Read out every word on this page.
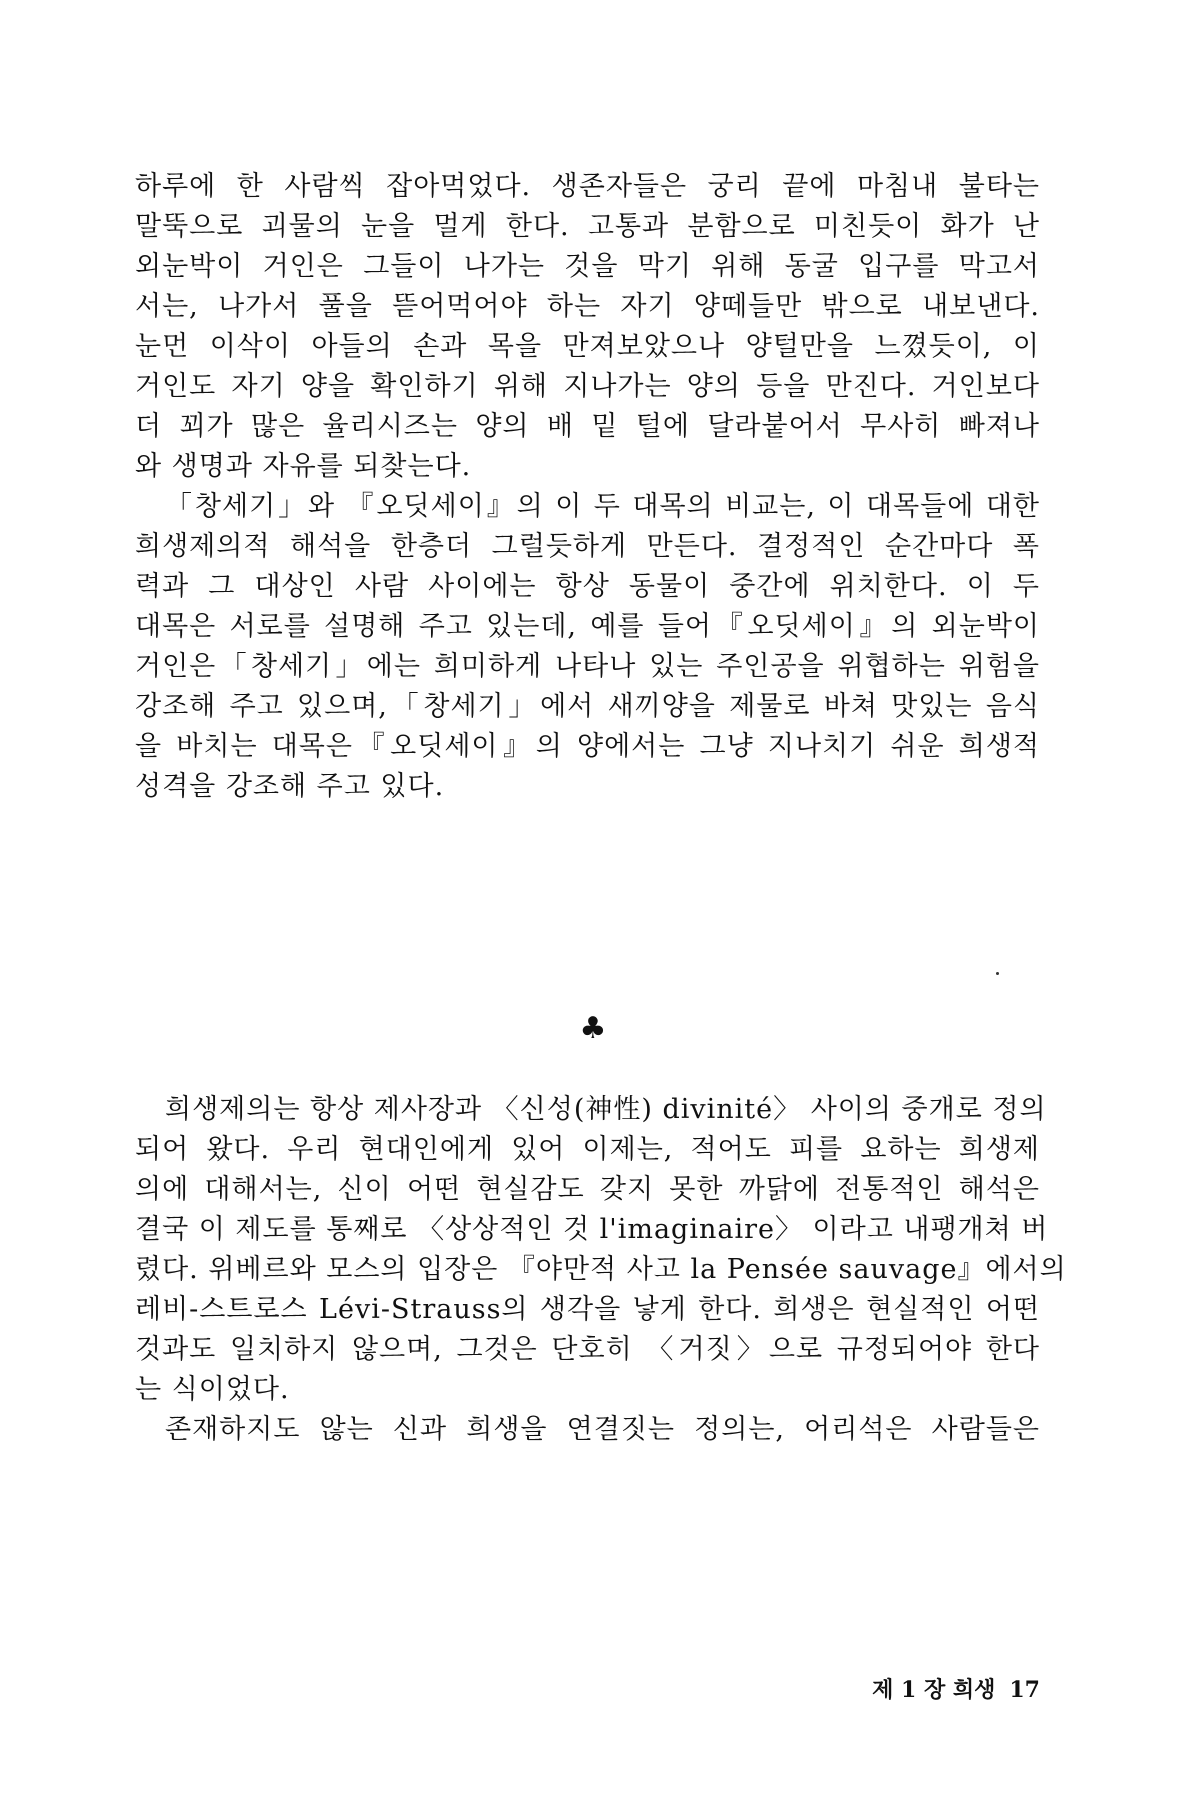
하루에 한 사람씩 잡아먹었다. 생존자들은 궁리 끝에 마침내 불타는
말뚝으로 괴물의 눈을 멀게 한다. 고통과 분함으로 미친듯이 화가 난
외눈박이 거인은 그들이 나가는 것을 막기 위해 동굴 입구를 막고서
서는, 나가서 풀을 뜯어먹어야 하는 자기 양떼들만 밖으로 내보낸다.
눈먼 이삭이 아들의 손과 목을 만져보았으나 양털만을 느꼈듯이, 이
거인도 자기 양을 확인하기 위해 지나가는 양의 등을 만진다. 거인보다
더 꾀가 많은 율리시즈는 양의 배 밑 털에 달라붙어서 무사히 빠져나
와 생명과 자유를 되찾는다.
「창세기」와 『오딧세이』의 이 두 대목의 비교는, 이 대목들에 대한
희생제의적 해석을 한층더 그럴듯하게 만든다. 결정적인 순간마다 폭
력과 그 대상인 사람 사이에는 항상 동물이 중간에 위치한다. 이 두
대목은 서로를 설명해 주고 있는데, 예를 들어『오딧세이』의 외눈박이
거인은「창세기」에는 희미하게 나타나 있는 주인공을 위협하는 위험을
강조해 주고 있으며,「창세기」에서 새끼양을 제물로 바쳐 맛있는 음식
을 바치는 대목은『오딧세이』의 양에서는 그냥 지나치기 쉬운 희생적
성격을 강조해 주고 있다.
♣
희생제의는 항상 제사장과 〈신성(神性) divinité〉 사이의 중개로 정의
되어 왔다. 우리 현대인에게 있어 이제는, 적어도 피를 요하는 희생제
의에 대해서는, 신이 어떤 현실감도 갖지 못한 까닭에 전통적인 해석은
결국 이 제도를 통째로 〈상상적인 것 l'imaginaire〉 이라고 내팽개쳐 버
렸다. 위베르와 모스의 입장은 『야만적 사고 la Pensée sauvage』에서의
레비-스트로스 Lévi-Strauss의 생각을 낳게 한다. 희생은 현실적인 어떤
것과도 일치하지 않으며, 그것은 단호히 〈거짓〉으로 규정되어야 한다
는 식이었다.
존재하지도 않는 신과 희생을 연결짓는 정의는, 어리석은 사람들은
제 1 장 희생 17
